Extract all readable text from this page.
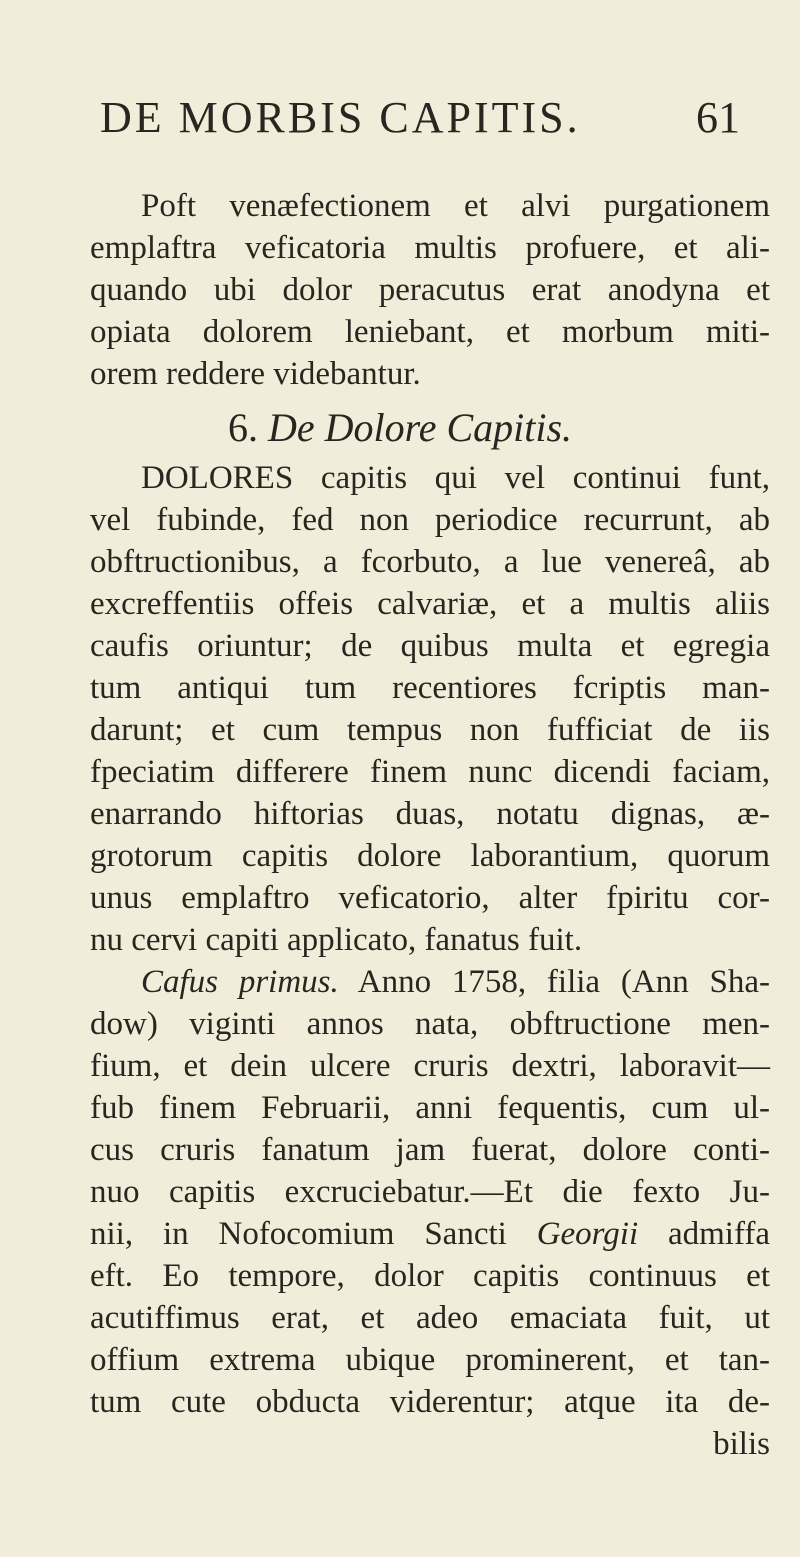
DE MORBIS CAPITIS.	61
Poft venæfectionem et alvi purgationem
emplaftra veficatoria multis profuere, et ali-
quando ubi dolor peracutus erat anodyna et
opiata dolorem leniebant, et morbum miti-
orem reddere videbantur.
6. De Dolore Capitis.
DOLORES capitis qui vel continui funt,
vel fubinde, fed non periodice recurrunt, ab
obftructionibus, a fcorbuto, a lue venereâ, ab
excreffentiis offeis calvariæ, et a multis aliis
caufis oriuntur; de quibus multa et egregia
tum antiqui tum recentiores fcriptis man-
darunt; et cum tempus non fufficiat de iis
fpeciatim differere finem nunc dicendi faciam,
enarrando hiftorias duas, notatu dignas, æ-
grotorum capitis dolore laborantium, quorum
unus emplaftro veficatorio, alter fpiritu cor-
nu cervi capiti applicato, fanatus fuit.
Cafus primus. Anno 1758, filia (Ann Sha-
dow) viginti annos nata, obftructione men-
fium, et dein ulcere cruris dextri, laboravit—
fub finem Februarii, anni fequentis, cum ul-
cus cruris fanatum jam fuerat, dolore conti-
nuo capitis excruciebatur.—Et die fexto Ju-
nii, in Nofocomium Sancti Georgii admiffa
eft. Eo tempore, dolor capitis continuus et
acutiffimus erat, et adeo emaciata fuit, ut
offium extrema ubique prominerent, et tan-
tum cute obducta viderentur; atque ita de-
bilis
